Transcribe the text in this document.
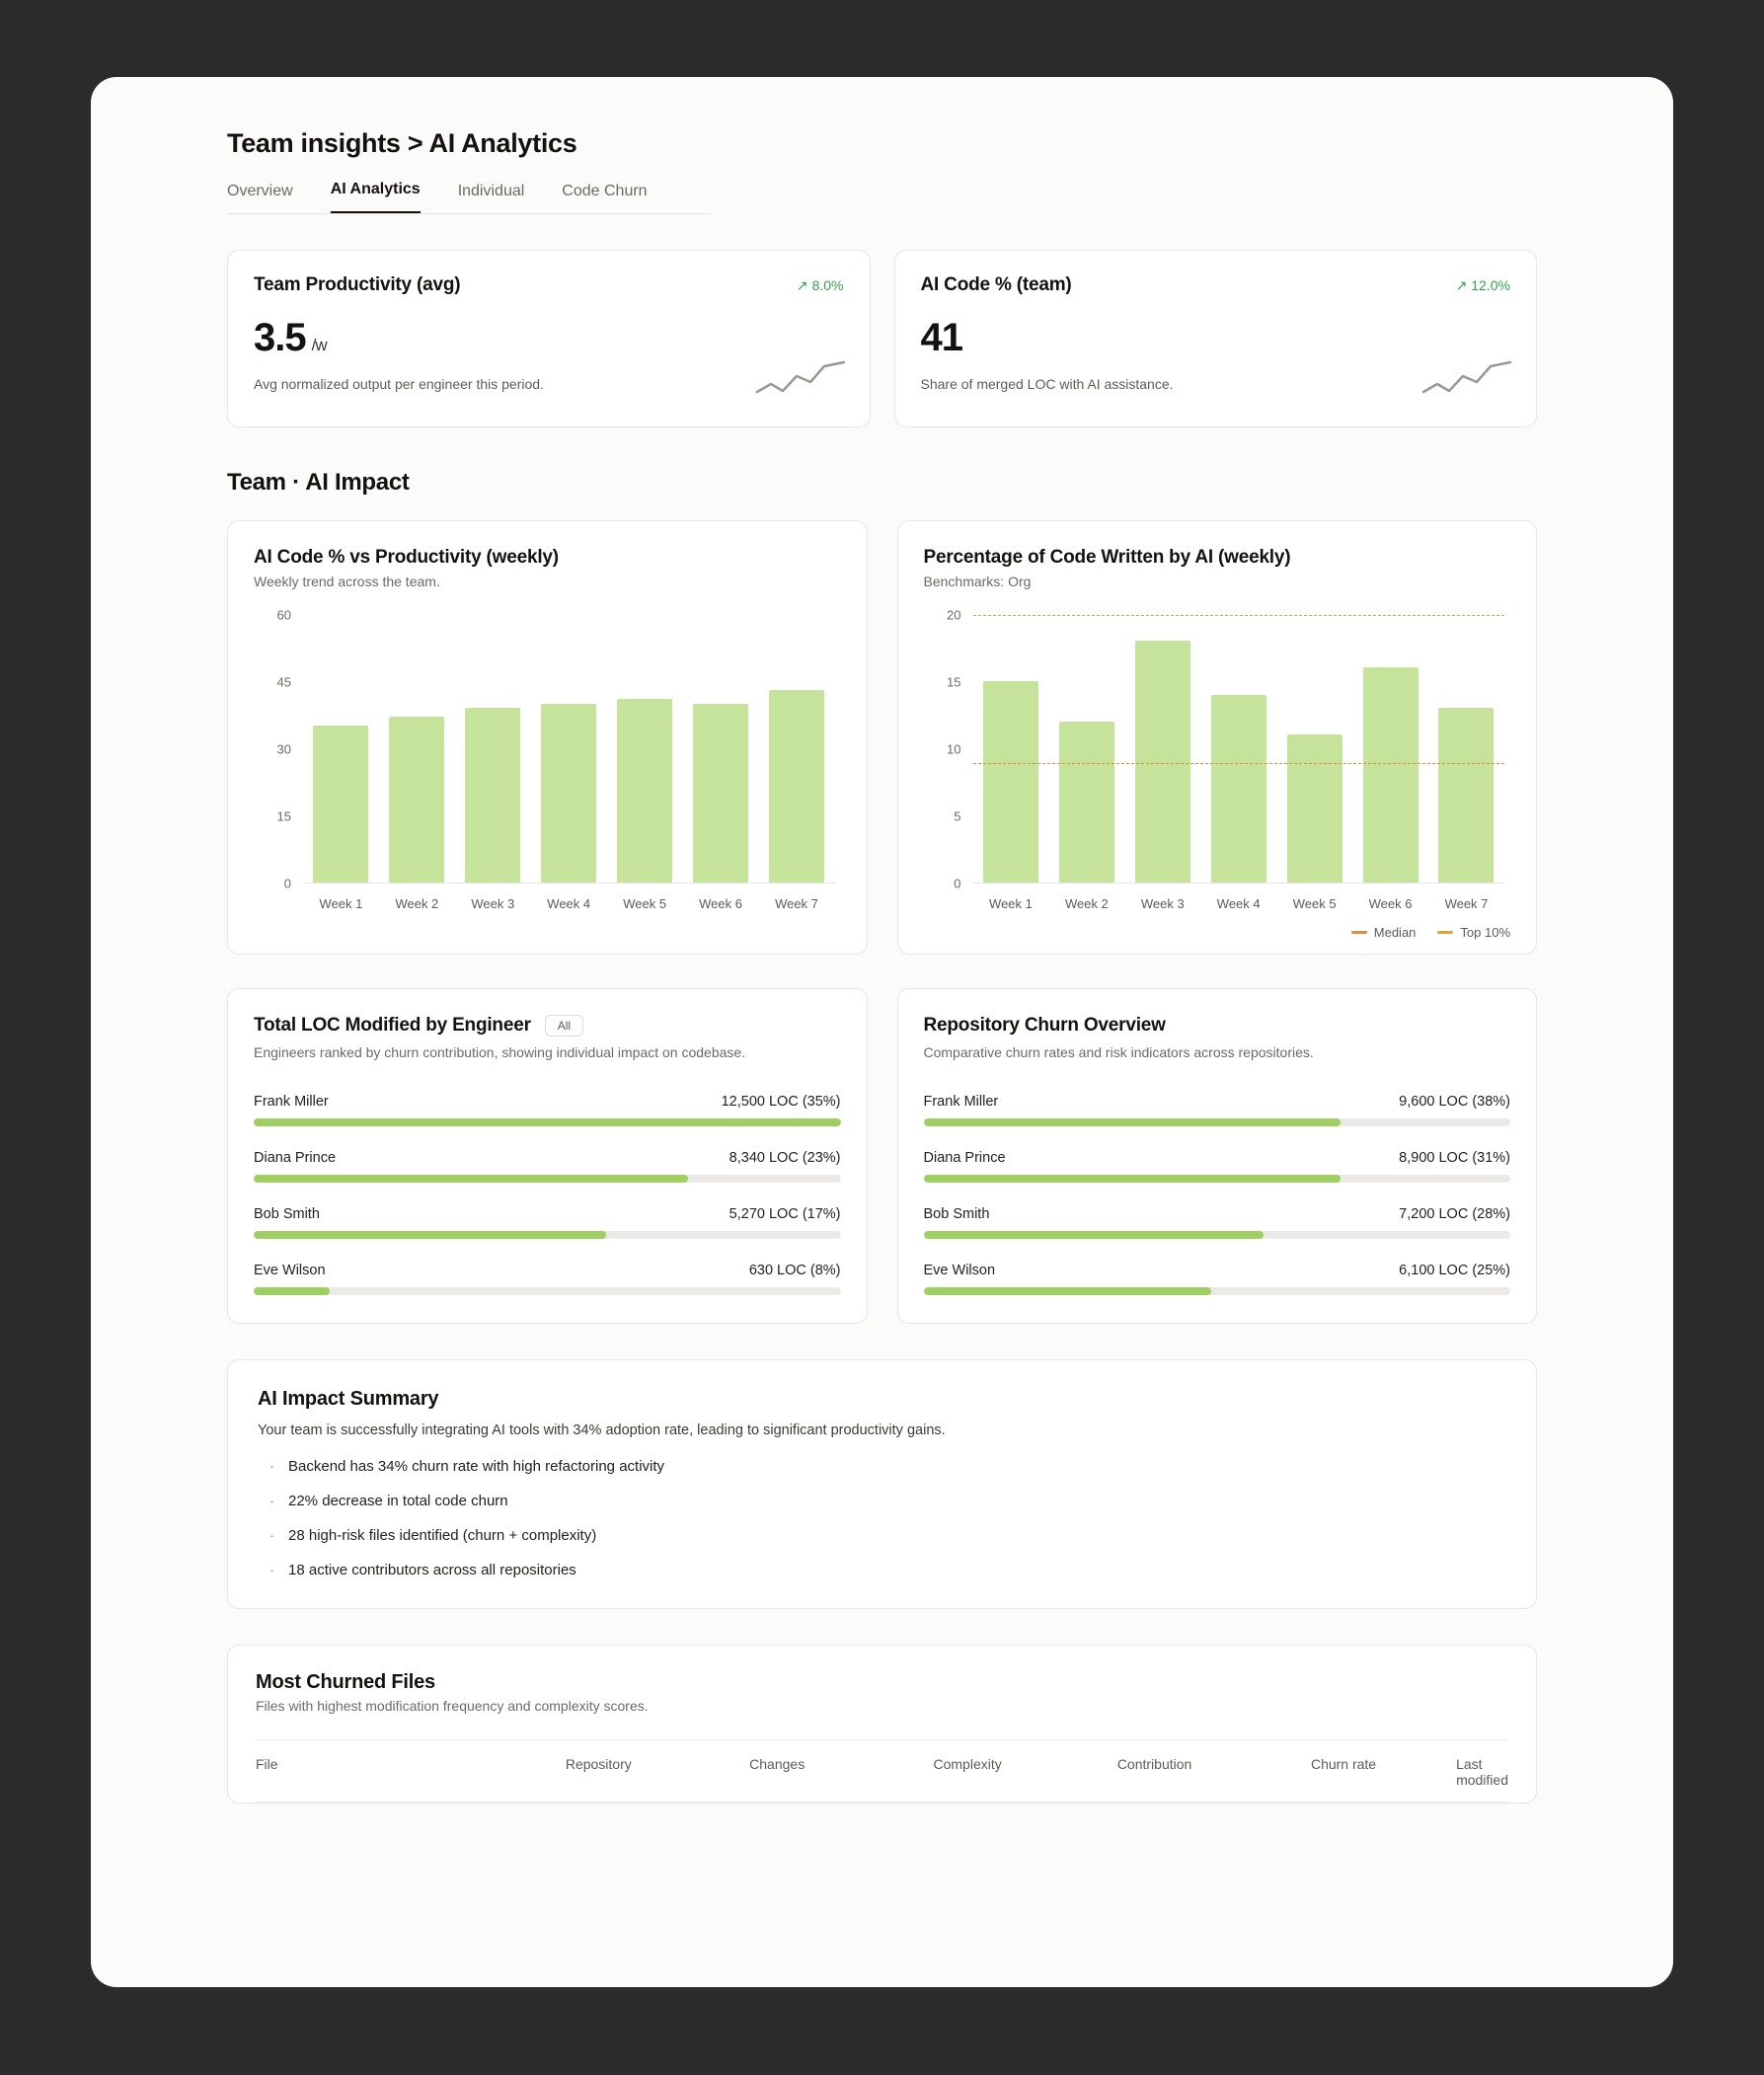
Team insights > AI Analytics
Overview AI Analytics Individual Code Churn
Team Productivity (avg)	↗ 8.0%
3.5 /w
Avg normalized output per engineer this period.
AI Code % (team)	↗ 12.0%
41
Share of merged LOC with AI assistance.
Team · AI Impact
AI Code % vs Productivity (weekly)
Weekly trend across the team.
0
15
30
45
60
Week 1	Week 2	Week 3	Week 4	Week 5	Week 6	Week 7
Percentage of Code Written by AI (weekly)
Benchmarks: Org
0
5
10
15
20
Week 1	Week 2	Week 3	Week 4	Week 5	Week 6	Week 7
Median	Top 10%
Total LOC Modified by Engineer	All
Engineers ranked by churn contribution, showing individual impact on codebase.
Frank Miller	12,500 LOC (35%)
Diana Prince	8,340 LOC (23%)
Bob Smith	5,270 LOC (17%)
Eve Wilson	630 LOC (8%)
Repository Churn Overview
Comparative churn rates and risk indicators across repositories.
Frank Miller	9,600 LOC (38%)
Diana Prince	8,900 LOC (31%)
Bob Smith	7,200 LOC (28%)
Eve Wilson	6,100 LOC (25%)
AI Impact Summary
Your team is successfully integrating AI tools with 34% adoption rate, leading to significant productivity gains.
· Backend has 34% churn rate with high refactoring activity
· 22% decrease in total code churn
· 28 high-risk files identified (churn + complexity)
· 18 active contributors across all repositories
Most Churned Files
Files with highest modification frequency and complexity scores.
File	Repository	Changes	Complexity	Contribution	Churn rate	Last modified
